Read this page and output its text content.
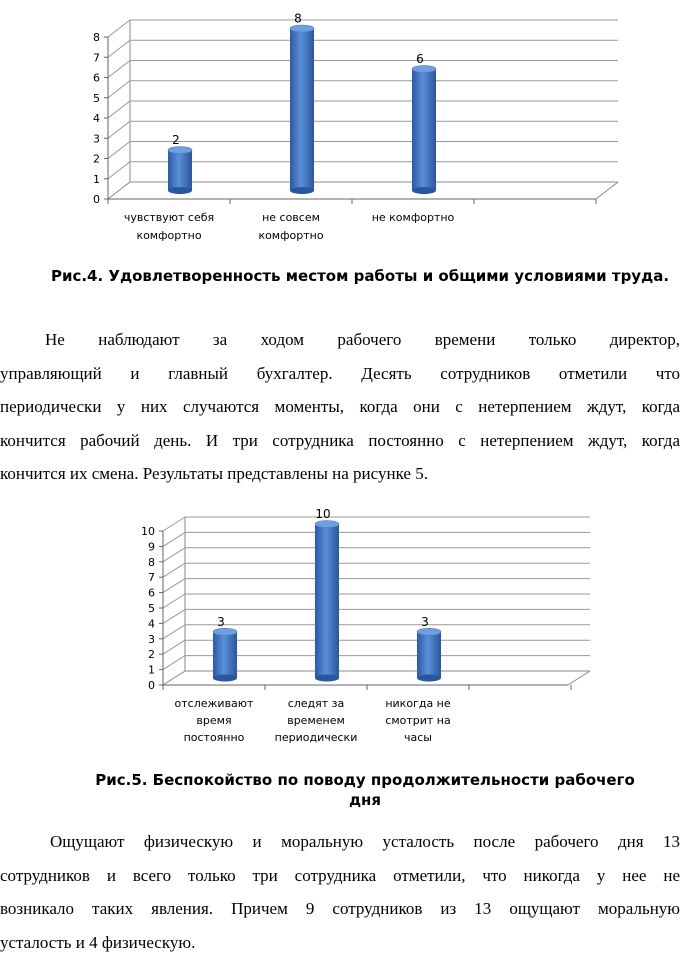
0
1
2
3
4
5
6
7
8
2
8
6
чувствуют себя
комфортно
не совсем
комфортно
не комфортно
Рис.4. Удовлетворенность местом работы и общими условиями труда.
Не наблюдают за ходом рабочего времени только директор,
управляющий и главный бухгалтер. Десять сотрудников отметили что
периодически у них случаются моменты, когда они с нетерпением ждут, когда
кончится рабочий день. И три сотрудника постоянно с нетерпением ждут, когда
кончится их смена. Результаты представлены на рисунке 5.
0
1
2
3
4
5
6
7
8
9
10
3
10
3
отслеживают
время
постоянно
следят за
временем
периодически
никогда не
смотрит на
часы
Рис.5. Беспокойство по поводу продолжительности рабочего
дня
Ощущают физическую и моральную усталость после рабочего дня 13
сотрудников и всего только три сотрудника отметили, что никогда у нее не
возникало таких явления. Причем 9 сотрудников из 13 ощущают моральную
усталость и 4 физическую.
